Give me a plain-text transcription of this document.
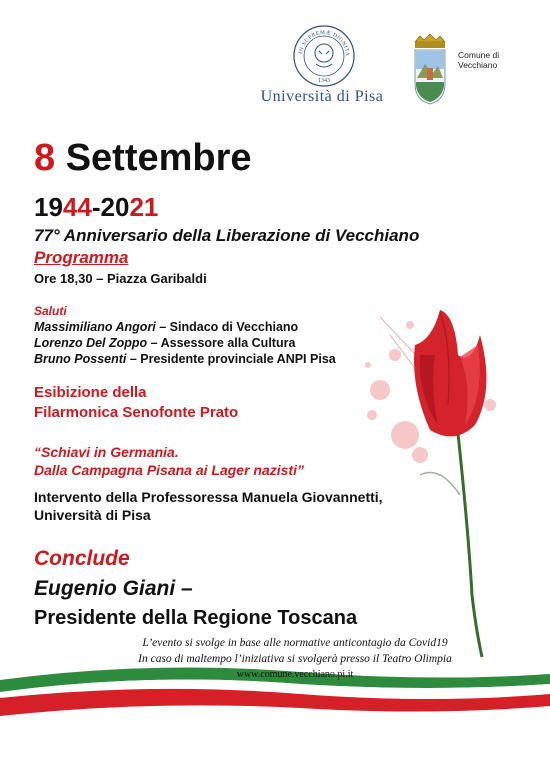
IN SUPREMÆ DIGNITA
1343
Università di Pisa
Comune di
Vecchiano
8 Settembre
1944-2021
77° Anniversario della Liberazione di Vecchiano
Programma
Ore 18,30 – Piazza Garibaldi
Saluti
Massimiliano Angori – Sindaco di Vecchiano
Lorenzo Del Zoppo – Assessore alla Cultura
Bruno Possenti – Presidente provinciale ANPI Pisa
Esibizione della
Filarmonica Senofonte Prato
“Schiavi in Germania.
Dalla Campagna Pisana ai Lager nazisti”
Intervento della Professoressa Manuela Giovannetti,
Università di Pisa
Conclude
Eugenio Giani –
Presidente della Regione Toscana
L’evento si svolge in base alle normative anticontagio da Covid19
In caso di maltempo l’iniziativa si svolgerà presso il Teatro Olimpia
www.comune.vecchiano.pi.it
